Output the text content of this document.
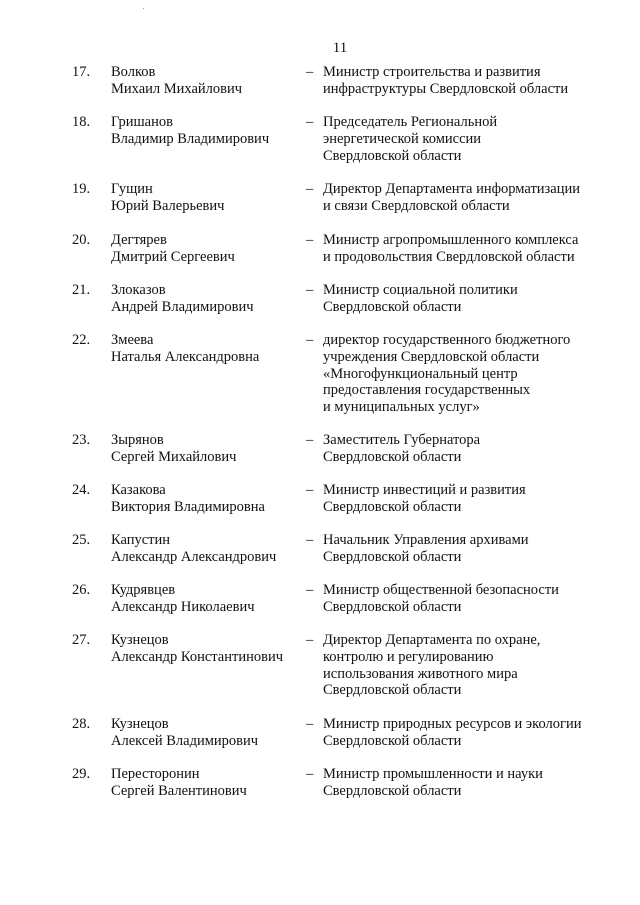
11
17. Волков
Михаил Михайлович
– Министр строительства и развития
инфраструктуры Свердловской области
18. Гришанов
Владимир Владимирович
– Председатель Региональной
энергетической комиссии
Свердловской области
19. Гущин
Юрий Валерьевич
– Директор Департамента информатизации
и связи Свердловской области
20. Дегтярев
Дмитрий Сергеевич
– Министр агропромышленного комплекса
и продовольствия Свердловской области
21. Злоказов
Андрей Владимирович
– Министр социальной политики
Свердловской области
22. Змеева
Наталья Александровна
– директор государственного бюджетного
учреждения Свердловской области
«Многофункциональный центр
предоставления государственных
и муниципальных услуг»
23. Зырянов
Сергей Михайлович
– Заместитель Губернатора
Свердловской области
24. Казакова
Виктория Владимировна
– Министр инвестиций и развития
Свердловской области
25. Капустин
Александр Александрович
– Начальник Управления архивами
Свердловской области
26. Кудрявцев
Александр Николаевич
– Министр общественной безопасности
Свердловской области
27. Кузнецов
Александр Константинович
– Директор Департамента по охране,
контролю и регулированию
использования животного мира
Свердловской области
28. Кузнецов
Алексей Владимирович
– Министр природных ресурсов и экологии
Свердловской области
29. Пересторонин
Сергей Валентинович
– Министр промышленности и науки
Свердловской области
